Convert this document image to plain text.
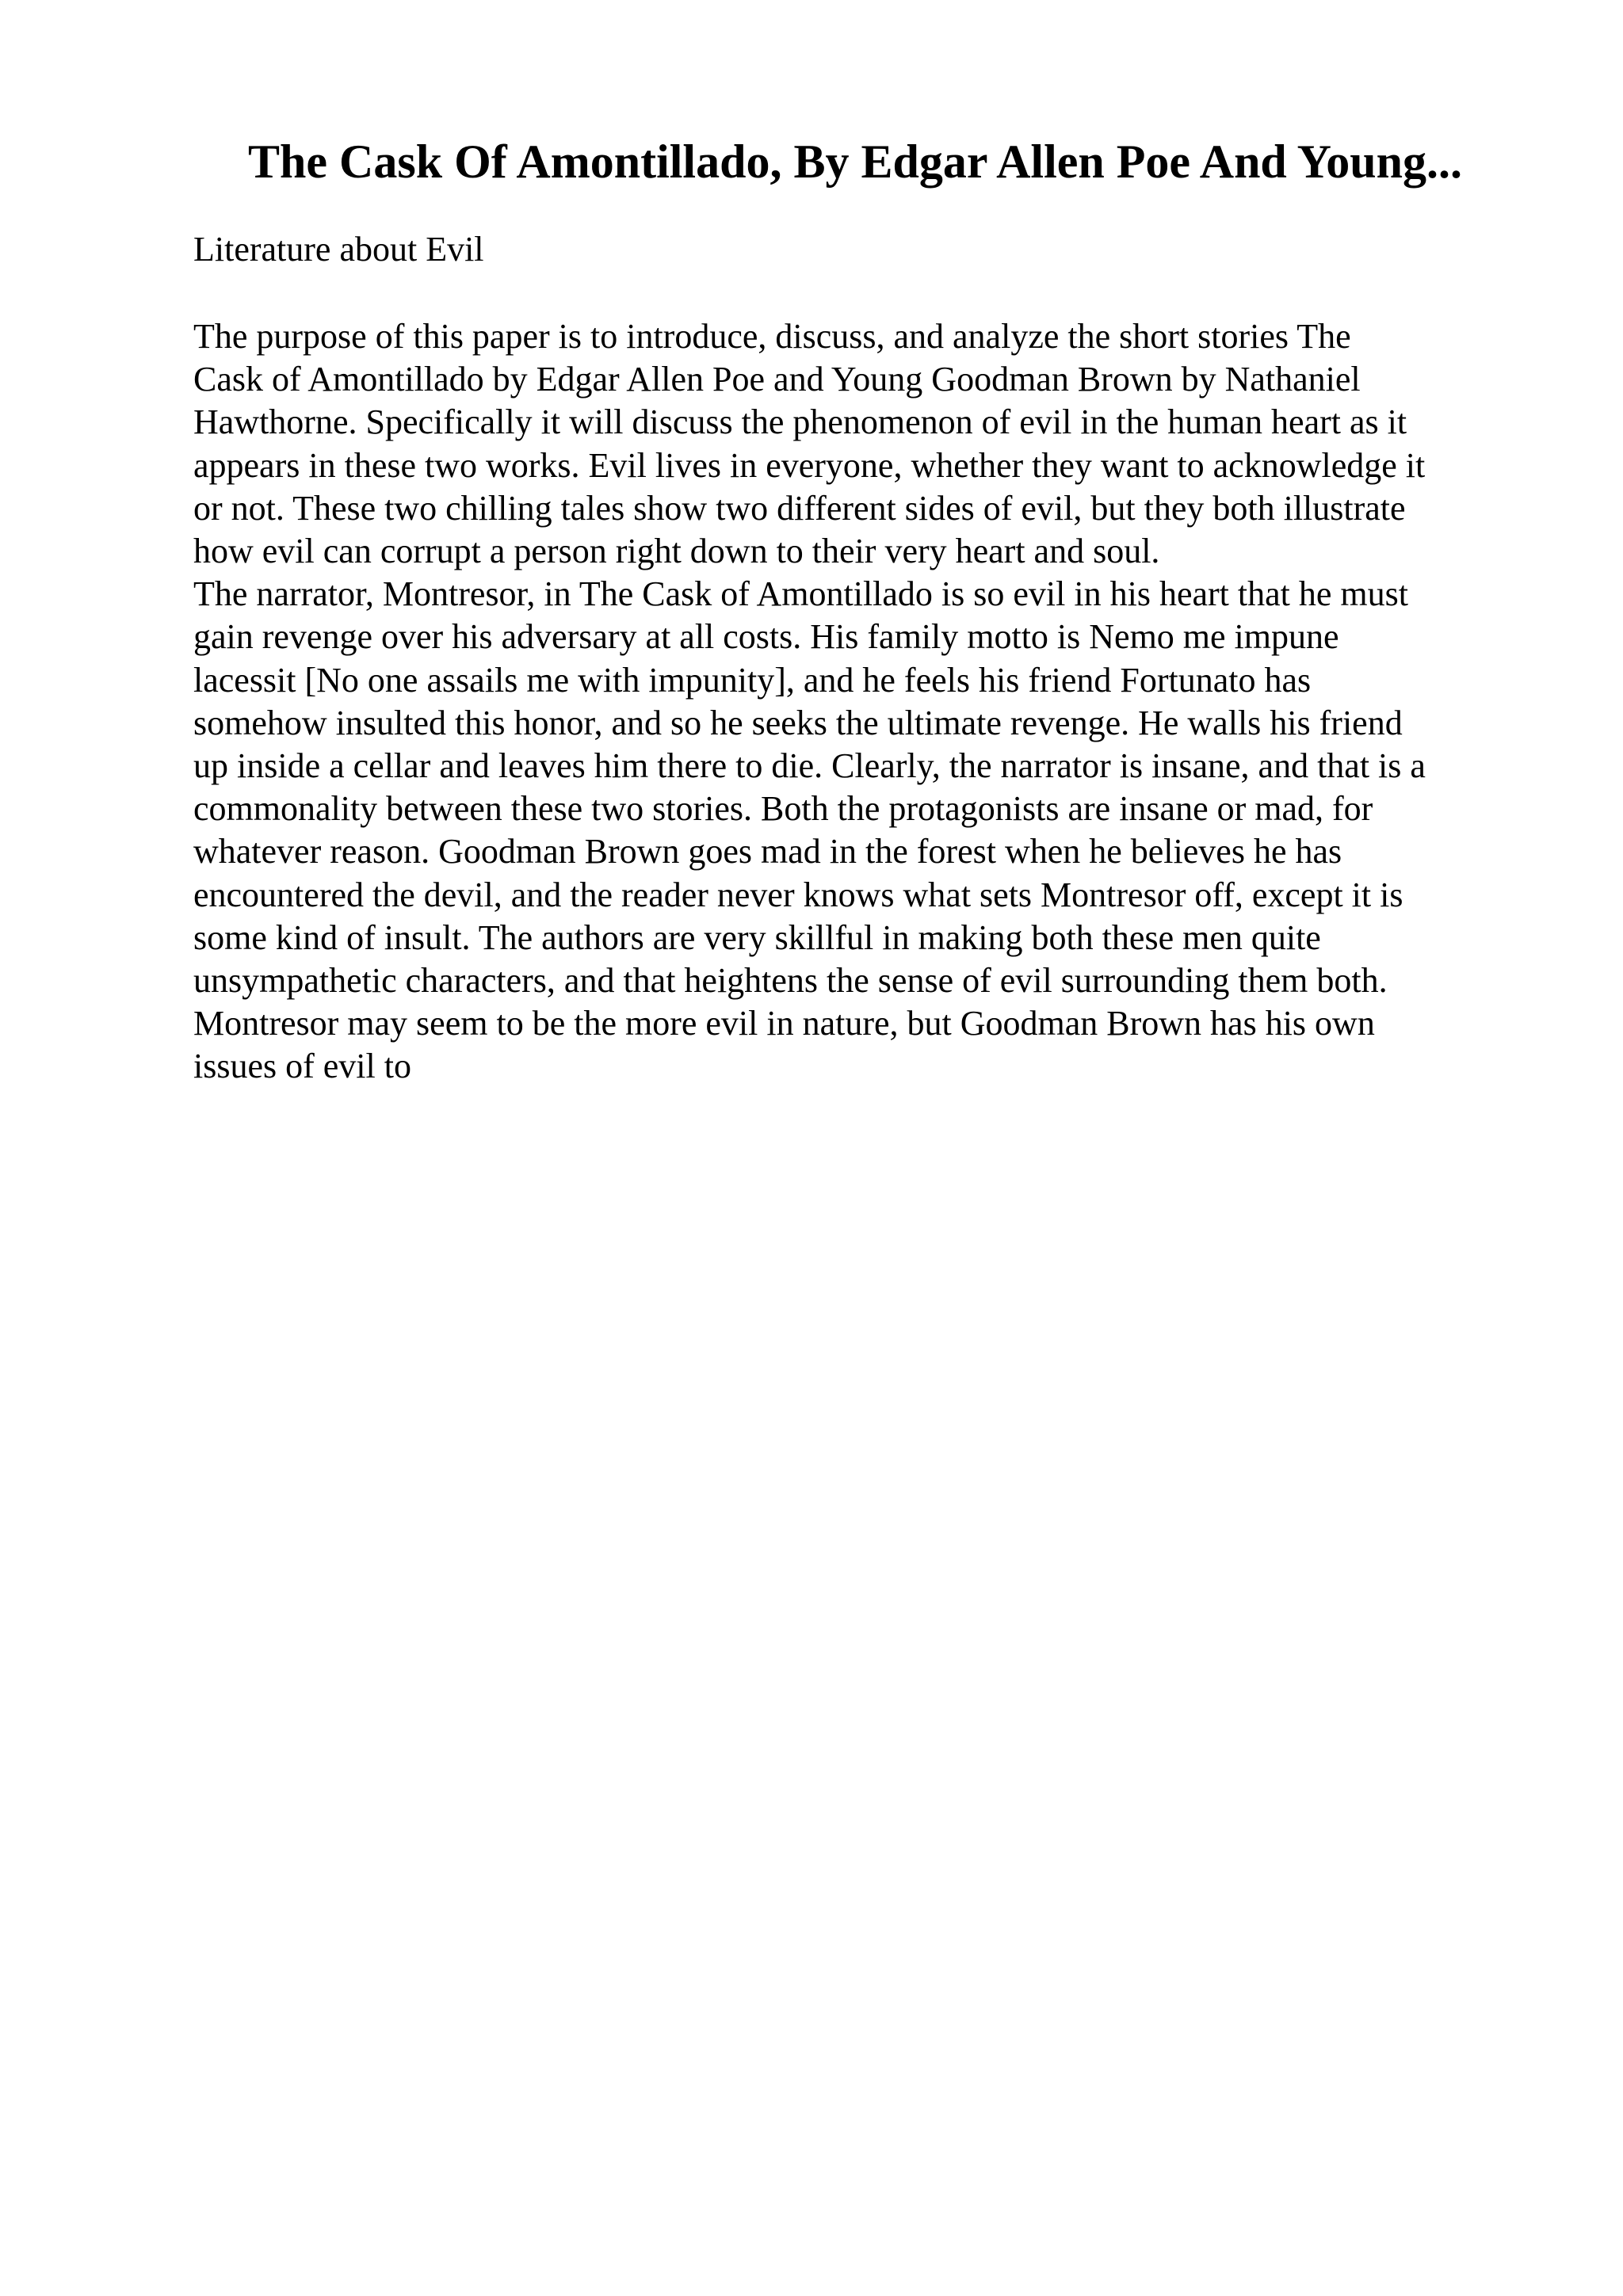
The Cask Of Amontillado, By Edgar Allen Poe And Young...

Literature about Evil

The purpose of this paper is to introduce, discuss, and analyze the short stories The
Cask of Amontillado by Edgar Allen Poe and Young Goodman Brown by Nathaniel
Hawthorne. Specifically it will discuss the phenomenon of evil in the human heart as it
appears in these two works. Evil lives in everyone, whether they want to acknowledge it
or not. These two chilling tales show two different sides of evil, but they both illustrate
how evil can corrupt a person right down to their very heart and soul.
The narrator, Montresor, in The Cask of Amontillado is so evil in his heart that he must
gain revenge over his adversary at all costs. His family motto is Nemo me impune
lacessit [No one assails me with impunity], and he feels his friend Fortunato has
somehow insulted this honor, and so he seeks the ultimate revenge. He walls his friend
up inside a cellar and leaves him there to die. Clearly, the narrator is insane, and that is a
commonality between these two stories. Both the protagonists are insane or mad, for
whatever reason. Goodman Brown goes mad in the forest when he believes he has
encountered the devil, and the reader never knows what sets Montresor off, except it is
some kind of insult. The authors are very skillful in making both these men quite
unsympathetic characters, and that heightens the sense of evil surrounding them both.
Montresor may seem to be the more evil in nature, but Goodman Brown has his own
issues of evil to
